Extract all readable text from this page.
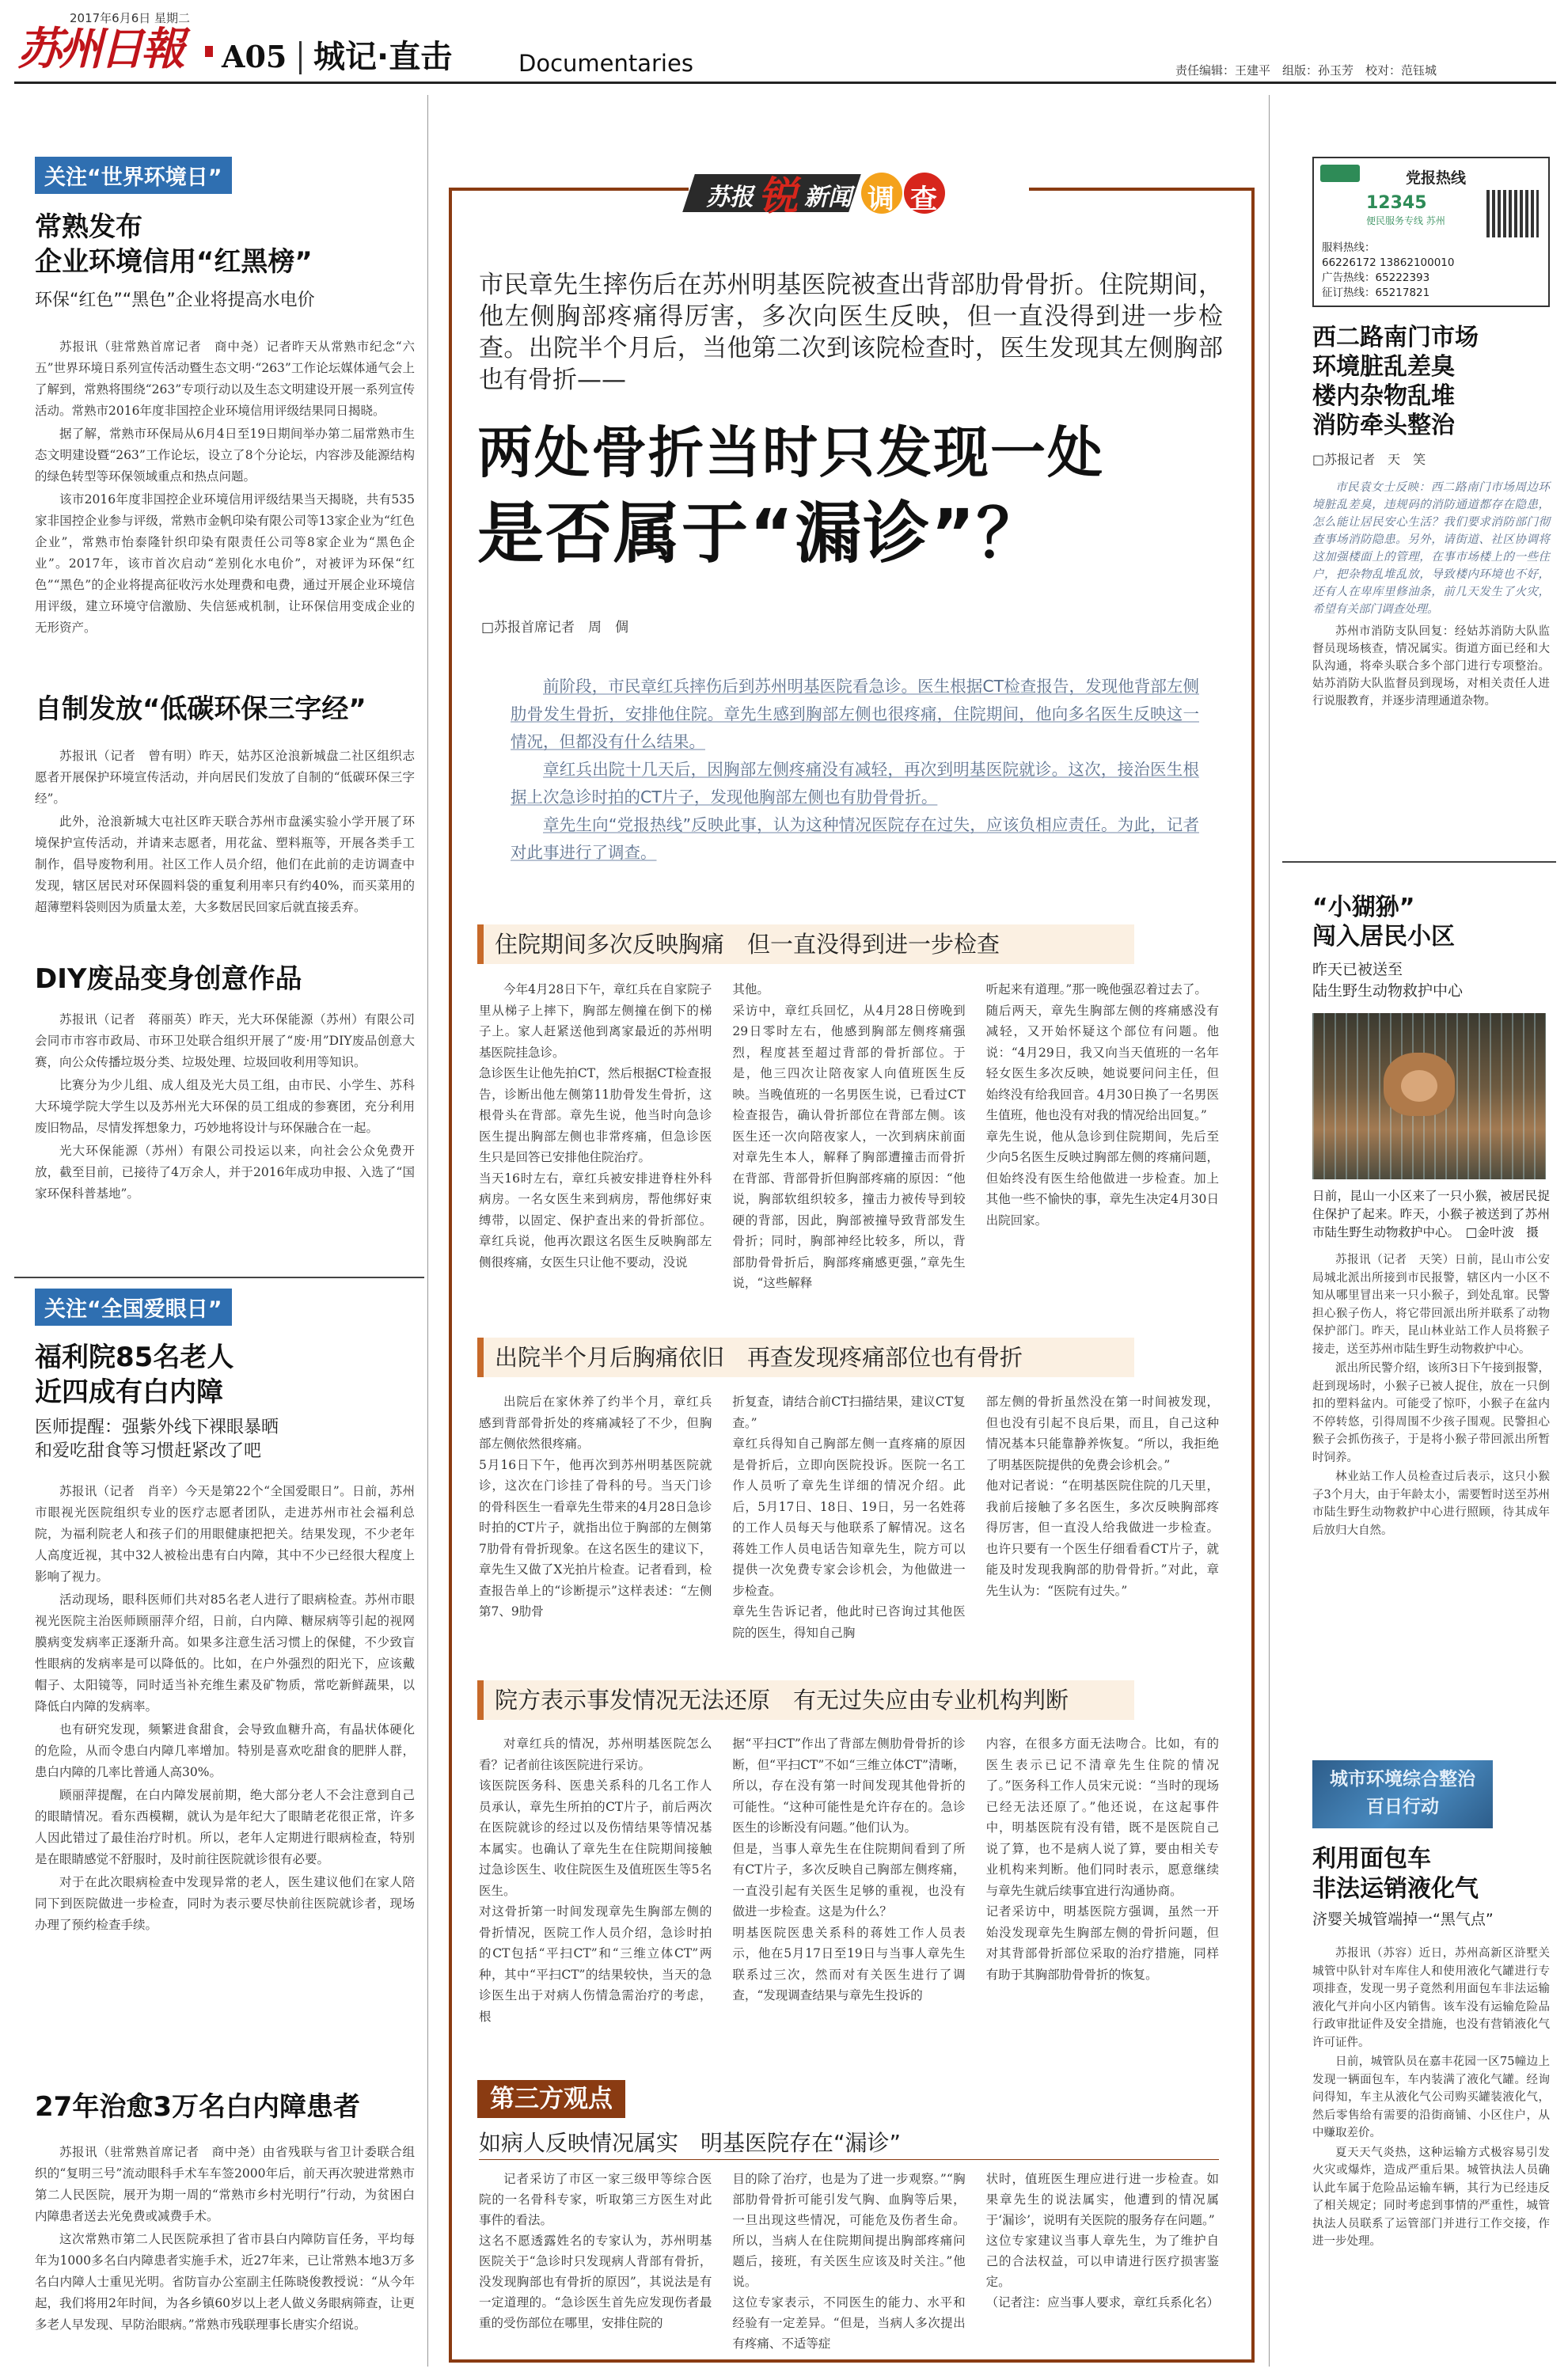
2017年6月6日 星期二
苏州日報 A05 城记·直击	Documentaries	责任编辑：王建平　组版：孙玉芳　校对：范钰城
关注“世界环境日”
常熟发布
企业环境信用“红黑榜”
环保“红色”“黑色”企业将提高水电价

苏报讯（驻常熟首席记者　商中尧）记者昨天从常熟市纪念“六五”世界环境日系列宣传活动暨生态文明·“263”工作论坛媒体通气会上了解到，常熟将围绕“263”专项行动以及生态文明建设开展一系列宣传活动。常熟市2016年度非国控企业环境信用评级结果同日揭晓。

据了解，常熟市环保局从6月4日至19日期间举办第二届常熟市生态文明建设暨“263”工作论坛，设立了8个分论坛，内容涉及能源结构的绿色转型等环保领域重点和热点问题。

该市2016年度非国控企业环境信用评级结果当天揭晓，共有535家非国控企业参与评级，常熟市金帆印染有限公司等13家企业为“红色企业”，常熟市怡泰隆针织印染有限责任公司等8家企业为“黑色企业”。2017年，该市首次启动“差别化水电价”，对被评为环保“红色”“黑色”的企业将提高征收污水处理费和电费，通过开展企业环境信用评级，建立环境守信激励、失信惩戒机制，让环保信用变成企业的无形资产。

自制发放“低碳环保三字经”

苏报讯（记者　曾有明）昨天，姑苏区沧浪新城盘二社区组织志愿者开展保护环境宣传活动，并向居民们发放了自制的“低碳环保三字经”。

此外，沧浪新城大屯社区昨天联合苏州市盘溪实验小学开展了环境保护宣传活动，并请来志愿者，用花盆、塑料瓶等，开展各类手工制作，倡导废物利用。社区工作人员介绍，他们在此前的走访调查中发现，辖区居民对环保圆料袋的重复利用率只有约40%，而买菜用的超薄塑料袋则因为质量太差，大多数居民回家后就直接丢弃。

DIY废品变身创意作品

苏报讯（记者　蒋丽英）昨天，光大环保能源（苏州）有限公司会同市市容市政局、市环卫处联合组织开展了“废·用”DIY废品创意大赛，向公众传播垃圾分类、垃圾处理、垃圾回收利用等知识。

比赛分为少儿组、成人组及光大员工组，由市民、小学生、苏科大环境学院大学生以及苏州光大环保的员工组成的参赛团，充分利用废旧物品，尽情发挥想象力，巧妙地将设计与环保融合在一起。

光大环保能源（苏州）有限公司投运以来，向社会公众免费开放，截至目前，已接待了4万余人，并于2016年成功申报、入选了“国家环保科普基地”。

关注“全国爱眼日”
福利院85名老人
近四成有白内障
医师提醒：强紫外线下裸眼暴晒
和爱吃甜食等习惯赶紧改了吧

苏报讯（记者　肖辛）今天是第22个“全国爱眼日”。日前，苏州市眼视光医院组织专业的医疗志愿者团队，走进苏州市社会福利总院，为福利院老人和孩子们的用眼健康把把关。结果发现，不少老年人高度近视，其中32人被检出患有白内障，其中不少已经很大程度上影响了视力。

活动现场，眼科医师们共对85名老人进行了眼病检查。苏州市眼视光医院主治医师顾丽萍介绍，日前，白内障、糖尿病等引起的视网膜病变发病率正逐渐升高。如果多注意生活习惯上的保健，不少致盲性眼病的发病率是可以降低的。比如，在户外强烈的阳光下，应该戴帽子、太阳镜等，同时适当补充维生素及矿物质，常吃新鲜蔬果，以降低白内障的发病率。

也有研究发现，频繁进食甜食，会导致血糖升高，有晶状体硬化的危险，从而令患白内障几率增加。特别是喜欢吃甜食的肥胖人群，患白内障的几率比普通人高30%。

顾丽萍提醒，在白内障发展前期，绝大部分老人不会注意到自己的眼睛情况。看东西模糊，就认为是年纪大了眼睛老花很正常，许多人因此错过了最佳治疗时机。所以，老年人定期进行眼病检查，特别是在眼睛感觉不舒服时，及时前往医院就诊很有必要。

对于在此次眼病检查中发现异常的老人，医生建议他们在家人陪同下到医院做进一步检查，同时为表示要尽快前往医院就诊者，现场办理了预约检查手续。

27年治愈3万名白内障患者

苏报讯（驻常熟首席记者　商中尧）由省残联与省卫计委联合组织的“复明三号”流动眼科手术车车签2000年后，前天再次驶进常熟市第二人民医院，展开为期一周的“常熟市乡村光明行”行动，为贫困白内障患者送去光免费或减费手术。

这次常熟市第二人民医院承担了省市县白内障防盲任务，平均每年为1000多名白内障患者实施手术，近27年来，已让常熟本地3万多名白内障人士重见光明。省防盲办公室副主任陈晓俊教授说：“从今年起，我们将用2年时间，为各乡镇60岁以上老人做义务眼病筛查，让更多老人早发现、早防治眼病。”常熟市残联理事长唐实介绍说。

苏报 锐 新闻 调 查
市民章先生摔伤后在苏州明基医院被查出背部肋骨骨折。住院期间，他左侧胸部疼痛得厉害，多次向医生反映，但一直没得到进一步检查。出院半个月后，当他第二次到该院检查时，医生发现其左侧胸部也有骨折——
两处骨折当时只发现一处
是否属于“漏诊”？
□苏报首席记者　周　倜

前阶段，市民章红兵摔伤后到苏州明基医院看急诊。医生根据CT检查报告，发现他背部左侧肋骨发生骨折，安排他住院。章先生感到胸部左侧也很疼痛，住院期间，他向多名医生反映这一情况，但都没有什么结果。

章红兵出院十几天后，因胸部左侧疼痛没有减轻，再次到明基医院就诊。这次，接治医生根据上次急诊时拍的CT片子，发现他胸部左侧也有肋骨骨折。

章先生向“党报热线”反映此事，认为这种情况医院存在过失，应该负相应责任。为此，记者对此事进行了调查。

住院期间多次反映胸痛　但一直没得到进一步检查
今年4月28日下午，章红兵在自家院子里从梯子上摔下，胸部左侧撞在倒下的梯子上。家人赶紧送他到离家最近的苏州明基医院挂急诊。
急诊医生让他先拍CT，然后根据CT检查报告，诊断出他左侧第11肋骨发生骨折，这根骨头在背部。章先生说，他当时向急诊医生提出胸部左侧也非常疼痛，但急诊医生只是回答已安排他住院治疗。
当天16时左右，章红兵被安排进脊柱外科病房。一名女医生来到病房，帮他绑好束缚带，以固定、保护查出来的骨折部位。章红兵说，他再次跟这名医生反映胸部左侧很疼痛，女医生只让他不要动，没说
其他。
采访中，章红兵回忆，从4月28日傍晚到29日零时左右，他感到胸部左侧疼痛强烈，程度甚至超过背部的骨折部位。于是，他三四次让陪夜家人向值班医生反映。当晚值班的一名男医生说，已看过CT检查报告，确认骨折部位在背部左侧。该医生还一次向陪夜家人，一次到病床前面对章先生本人，解释了胸部遭撞击而骨折在背部、背部骨折但胸部疼痛的原因：“他说，胸部软组织较多，撞击力被传导到较硬的背部，因此，胸部被撞导致背部发生骨折；同时，胸部神经比较多，所以，背部肋骨骨折后，胸部疼痛感更强，”章先生说，“这些解释
听起来有道理。”那一晚他强忍着过去了。
随后两天，章先生胸部左侧的疼痛感没有减轻，又开始怀疑这个部位有问题。他说：“4月29日，我又向当天值班的一名年轻女医生多次反映，她说要问问主任，但始终没有给我回音。4月30日换了一名男医生值班，他也没有对我的情况给出回复。”
章先生说，他从急诊到住院期间，先后至少向5名医生反映过胸部左侧的疼痛问题，但始终没有医生给他做进一步检查。加上其他一些不愉快的事，章先生决定4月30日出院回家。
出院半个月后胸痛依旧　再查发现疼痛部位也有骨折
出院后在家休养了约半个月，章红兵感到背部骨折处的疼痛减轻了不少，但胸部左侧依然很疼痛。
5月16日下午，他再次到苏州明基医院就诊，这次在门诊挂了骨科的号。当天门诊的骨科医生一看章先生带来的4月28日急诊时拍的CT片子，就指出位于胸部的左侧第7肋骨有骨折现象。在这名医生的建议下，章先生又做了X光拍片检查。记者看到，检查报告单上的“诊断提示”这样表述：“左侧第7、9肋骨
折复查，请结合前CT扫描结果，建议CT复查。”
章红兵得知自己胸部左侧一直疼痛的原因是骨折后，立即向医院投诉。医院一名工作人员听了章先生详细的情况介绍。此后，5月17日、18日、19日，另一名姓蒋的工作人员每天与他联系了解情况。这名蒋姓工作人员电话告知章先生，院方可以提供一次免费专家会诊机会，为他做进一步检查。
章先生告诉记者，他此时已咨询过其他医院的医生，得知自己胸
部左侧的骨折虽然没在第一时间被发现，但也没有引起不良后果，而且，自己这种情况基本只能靠静养恢复。“所以，我拒绝了明基医院提供的免费会诊机会。”
他对记者说：“在明基医院住院的几天里，我前后接触了多名医生，多次反映胸部疼得厉害，但一直没人给我做进一步检查。也许只要有一个医生仔细看看CT片子，就能及时发现我胸部的肋骨骨折。”对此，章先生认为：“医院有过失。”
院方表示事发情况无法还原　有无过失应由专业机构判断
对章红兵的情况，苏州明基医院怎么看？记者前往该医院进行采访。
该医院医务科、医患关系科的几名工作人员承认，章先生所拍的CT片子，前后两次在医院就诊的经过以及伤情结果等情况基本属实。也确认了章先生在住院期间接触过急诊医生、收住院医生及值班医生等5名医生。
对这骨折第一时间发现章先生胸部左侧的骨折情况，医院工作人员介绍，急诊时拍的CT包括“平扫CT”和“三维立体CT”两种，其中“平扫CT”的结果较快，当天的急诊医生出于对病人伤情急需治疗的考虑，根
据“平扫CT”作出了背部左侧肋骨骨折的诊断，但“平扫CT”不如“三维立体CT”清晰，所以，存在没有第一时间发现其他骨折的可能性。“这种可能性是允许存在的。急诊医生的诊断没有问题。”他们认为。
但是，当事人章先生在住院期间看到了所有CT片子，多次反映自己胸部左侧疼痛，一直没引起有关医生足够的重视，也没有做进一步检查。这是为什么？
明基医院医患关系科的蒋姓工作人员表示，他在5月17日至19日与当事人章先生联系过三次，然而对有关医生进行了调查，“发现调查结果与章先生投诉的
内容，在很多方面无法吻合。比如，有的医生表示已记不清章先生住院的情况了。”医务科工作人员宋元说：“当时的现场已经无法还原了。”他还说，在这起事件中，明基医院有没有错，既不是医院自己说了算，也不是病人说了算，要由相关专业机构来判断。他们同时表示，愿意继续与章先生就后续事宜进行沟通协商。
记者采访中，明基医院方强调，虽然一开始没发现章先生胸部左侧的骨折问题，但对其背部骨折部位采取的治疗措施，同样有助于其胸部肋骨骨折的恢复。
第三方观点
如病人反映情况属实　明基医院存在“漏诊”
记者采访了市区一家三级甲等综合医院的一名骨科专家，听取第三方医生对此事件的看法。
这名不愿透露姓名的专家认为，苏州明基医院关于“急诊时只发现病人背部有骨折，没发现胸部也有骨折的原因”，其说法是有一定道理的。“急诊医生首先应发现伤者最重的受伤部位在哪里，安排住院的
目的除了治疗，也是为了进一步观察。”“胸部肋骨骨折可能引发气胸、血胸等后果，一旦出现这些情况，可能危及伤者生命。所以，当病人在住院期间提出胸部疼痛问题后，接班，有关医生应该及时关注。”他说。
这位专家表示，不同医生的能力、水平和经验有一定差异。“但是，当病人多次提出有疼痛、不适等症
状时，值班医生理应进行进一步检查。如果章先生的说法属实，他遭到的情况属于‘漏诊’，说明有关医院的服务存在问题。”
这位专家建议当事人章先生，为了维护自己的合法权益，可以申请进行医疗损害鉴定。
（记者注：应当事人要求，章红兵系化名）
党报热线
12345
便民服务专线 苏州
服料热线：
66226172 13862100010
广告热线：65222393
征订热线：65217821
西二路南门市场
环境脏乱差臭
楼内杂物乱堆
消防牵头整治
□苏报记者　天　笑
市民袁女士反映：西二路南门市场周边环境脏乱差臭，违规码的消防通道都存在隐患，怎么能让居民安心生活？我们要求消防部门彻查事场消防隐患。另外，请街道、社区协调将这加强楼面上的管理，在事市场楼上的一些住户，把杂物乱堆乱放，导致楼内环境也不好，还有人在卑库里修油条，前几天发生了火灾，希望有关部门调查处理。

苏州市消防支队回复：经姑苏消防大队监督员现场核查，情况属实。街道方面已经和大队沟通，将牵头联合多个部门进行专项整治。姑苏消防大队监督员到现场，对相关责任人进行说服教育，并逐步清理通道杂物。

“小猢狲”
闯入居民小区
昨天已被送至
陆生野生动物救护中心
日前，昆山一小区来了一只小猴，被居民捉住保护了起来。昨天，小猴子被送到了苏州市陆生野生动物救护中心。　□金叶波　摄

苏报讯（记者　天笑）日前，昆山市公安局城北派出所接到市民报警，辖区内一小区不知从哪里冒出来一只小猴子，到处乱窜。民警担心猴子伤人，将它带回派出所并联系了动物保护部门。昨天，昆山林业站工作人员将猴子接走，送至苏州市陆生野生动物救护中心。

派出所民警介绍，该所3日下午接到报警，赶到现场时，小猴子已被人捉住，放在一只倒扣的塑料盆内。可能受了惊吓，小猴子在盆内不停转悠，引得周围不少孩子围观。民警担心猴子会抓伤孩子，于是将小猴子带回派出所暂时饲养。

林业站工作人员检查过后表示，这只小猴子3个月大，由于年龄太小，需要暂时送至苏州市陆生野生动物救护中心进行照顾，待其成年后放归大自然。

城市环境综合整治
百日行动
利用面包车
非法运销液化气
济婴关城管端掉一“黑气点”

苏报讯（苏容）近日，苏州高新区浒墅关城管中队针对车库住人和使用液化气罐进行专项排查，发现一男子竟然利用面包车非法运输液化气并向小区内销售。该车没有运输危险品行政审批证件及安全措施，也没有营销液化气许可证件。

日前，城管队员在嘉丰花园一区75幢边上发现一辆面包车，车内装满了液化气罐。经询问得知，车主从液化气公司购买罐装液化气，然后零售给有需要的沿街商铺、小区住户，从中赚取差价。

夏天天气炎热，这种运输方式极容易引发火灾或爆炸，造成严重后果。城管执法人员确认此车属于危险品运输车辆，其行为已经违反了相关规定；同时考虑到事情的严重性，城管执法人员联系了运管部门并进行工作交接，作进一步处理。
